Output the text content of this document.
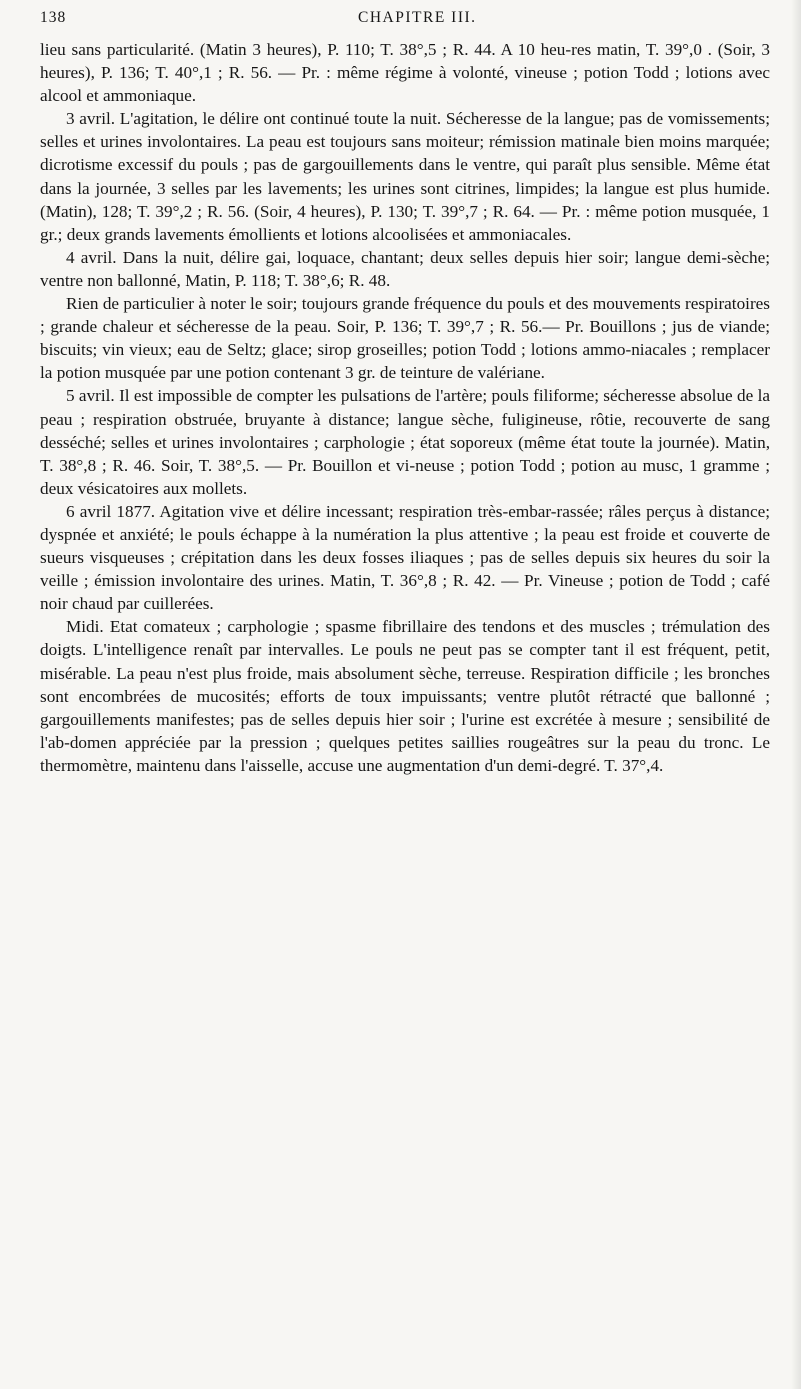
138	CHAPITRE III.

lieu sans particularité. (Matin 3 heures), P. 110; T. 38°,5 ; R. 44. A 10 heu-res matin, T. 39°,0 . (Soir, 3 heures), P. 136; T. 40°,1 ; R. 56. — Pr. : même régime à volonté, vineuse ; potion Todd ; lotions avec alcool et ammoniaque.

3 avril. L'agitation, le délire ont continué toute la nuit. Sécheresse de la langue; pas de vomissements; selles et urines involontaires. La peau est toujours sans moiteur; rémission matinale bien moins marquée; dicrotisme excessif du pouls ; pas de gargouillements dans le ventre, qui paraît plus sensible. Même état dans la journée, 3 selles par les lavements; les urines sont citrines, limpides; la langue est plus humide. (Matin), 128; T. 39°,2 ; R. 56. (Soir, 4 heures), P. 130; T. 39°,7 ; R. 64. — Pr. : même potion musquée, 1 gr.; deux grands lavements émollients et lotions alcoolisées et ammoniacales.

4 avril. Dans la nuit, délire gai, loquace, chantant; deux selles depuis hier soir; langue demi-sèche; ventre non ballonné, Matin, P. 118; T. 38°,6; R. 48.

Rien de particulier à noter le soir; toujours grande fréquence du pouls et des mouvements respiratoires ; grande chaleur et sécheresse de la peau. Soir, P. 136; T. 39°,7 ; R. 56.— Pr. Bouillons ; jus de viande; biscuits; vin vieux; eau de Seltz; glace; sirop groseilles; potion Todd ; lotions ammo-niacales ; remplacer la potion musquée par une potion contenant 3 gr. de teinture de valériane.

5 avril. Il est impossible de compter les pulsations de l'artère; pouls filiforme; sécheresse absolue de la peau ; respiration obstruée, bruyante à distance; langue sèche, fuligineuse, rôtie, recouverte de sang desséché; selles et urines involontaires ; carphologie ; état soporeux (même état toute la journée). Matin, T. 38°,8 ; R. 46. Soir, T. 38°,5. — Pr. Bouillon et vi-neuse ; potion Todd ; potion au musc, 1 gramme ; deux vésicatoires aux mollets.

6 avril 1877. Agitation vive et délire incessant; respiration très-embar-rassée; râles perçus à distance; dyspnée et anxiété; le pouls échappe à la numération la plus attentive ; la peau est froide et couverte de sueurs visqueuses ; crépitation dans les deux fosses iliaques ; pas de selles depuis six heures du soir la veille ; émission involontaire des urines. Matin, T. 36°,8 ; R. 42. — Pr. Vineuse ; potion de Todd ; café noir chaud par cuillerées.

Midi. Etat comateux ; carphologie ; spasme fibrillaire des tendons et des muscles ; trémulation des doigts. L'intelligence renaît par intervalles. Le pouls ne peut pas se compter tant il est fréquent, petit, misérable. La peau n'est plus froide, mais absolument sèche, terreuse. Respiration difficile ; les bronches sont encombrées de mucosités; efforts de toux impuissants; ventre plutôt rétracté que ballonné ; gargouillements manifestes; pas de selles depuis hier soir ; l'urine est excrétée à mesure ; sensibilité de l'ab-domen appréciée par la pression ; quelques petites saillies rougeâtres sur la peau du tronc. Le thermomètre, maintenu dans l'aisselle, accuse une augmentation d'un demi-degré. T. 37°,4.
